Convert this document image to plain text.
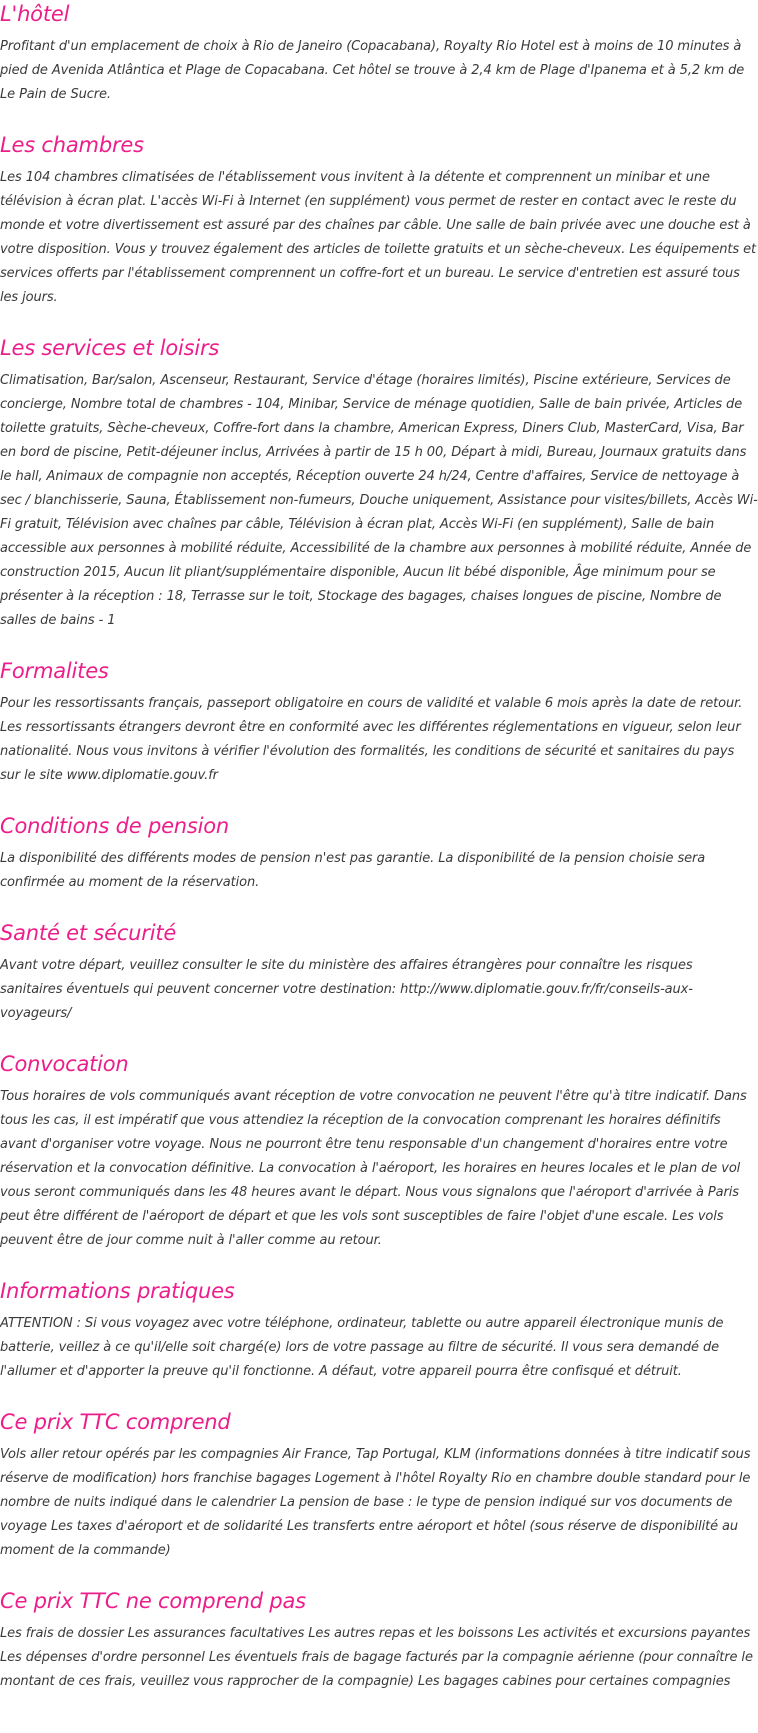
L'hôtel

Profitant d'un emplacement de choix à Rio de Janeiro (Copacabana), Royalty Rio Hotel est à moins de 10 minutes à pied de Avenida Atlântica et Plage de Copacabana. Cet hôtel se trouve à 2,4 km de Plage d'Ipanema et à 5,2 km de Le Pain de Sucre.

Les chambres

Les 104 chambres climatisées de l'établissement vous invitent à la détente et comprennent un minibar et une télévision à écran plat. L'accès Wi-Fi à Internet (en supplément) vous permet de rester en contact avec le reste du monde et votre divertissement est assuré par des chaînes par câble. Une salle de bain privée avec une douche est à votre disposition. Vous y trouvez également des articles de toilette gratuits et un sèche-cheveux. Les équipements et services offerts par l'établissement comprennent un coffre-fort et un bureau. Le service d'entretien est assuré tous les jours.

Les services et loisirs

Climatisation, Bar/salon, Ascenseur, Restaurant, Service d'étage (horaires limités), Piscine extérieure, Services de concierge, Nombre total de chambres - 104, Minibar, Service de ménage quotidien, Salle de bain privée, Articles de toilette gratuits, Sèche-cheveux, Coffre-fort dans la chambre, American Express, Diners Club, MasterCard, Visa, Bar en bord de piscine, Petit-déjeuner inclus, Arrivées à partir de 15 h 00, Départ à midi, Bureau, Journaux gratuits dans le hall, Animaux de compagnie non acceptés, Réception ouverte 24 h/24, Centre d'affaires, Service de nettoyage à sec / blanchisserie, Sauna, Établissement non-fumeurs, Douche uniquement, Assistance pour visites/billets, Accès Wi-Fi gratuit, Télévision avec chaînes par câble, Télévision à écran plat, Accès Wi-Fi (en supplément), Salle de bain accessible aux personnes à mobilité réduite, Accessibilité de la chambre aux personnes à mobilité réduite, Année de construction 2015, Aucun lit pliant/supplémentaire disponible, Aucun lit bébé disponible, Âge minimum pour se présenter à la réception : 18, Terrasse sur le toit, Stockage des bagages, chaises longues de piscine, Nombre de salles de bains - 1

Formalites

Pour les ressortissants français, passeport obligatoire en cours de validité et valable 6 mois après la date de retour. Les ressortissants étrangers devront être en conformité avec les différentes réglementations en vigueur, selon leur nationalité. Nous vous invitons à vérifier l'évolution des formalités, les conditions de sécurité et sanitaires du pays sur le site www.diplomatie.gouv.fr

Conditions de pension

La disponibilité des différents modes de pension n'est pas garantie. La disponibilité de la pension choisie sera confirmée au moment de la réservation.

Santé et sécurité

Avant votre départ, veuillez consulter le site du ministère des affaires étrangères pour connaître les risques sanitaires éventuels qui peuvent concerner votre destination: http://www.diplomatie.gouv.fr/fr/conseils-aux-voyageurs/

Convocation

Tous horaires de vols communiqués avant réception de votre convocation ne peuvent l'être qu'à titre indicatif. Dans tous les cas, il est impératif que vous attendiez la réception de la convocation comprenant les horaires définitifs avant d'organiser votre voyage. Nous ne pourront être tenu responsable d'un changement d'horaires entre votre réservation et la convocation définitive. La convocation à l'aéroport, les horaires en heures locales et le plan de vol vous seront communiqués dans les 48 heures avant le départ. Nous vous signalons que l'aéroport d'arrivée à Paris peut être différent de l'aéroport de départ et que les vols sont susceptibles de faire l'objet d'une escale. Les vols peuvent être de jour comme nuit à l'aller comme au retour.

Informations pratiques

ATTENTION : Si vous voyagez avec votre téléphone, ordinateur, tablette ou autre appareil électronique munis de batterie, veillez à ce qu'il/elle soit chargé(e) lors de votre passage au filtre de sécurité. Il vous sera demandé de l'allumer et d'apporter la preuve qu'il fonctionne. A défaut, votre appareil pourra être confisqué et détruit.

Ce prix TTC comprend

Vols aller retour opérés par les compagnies Air France, Tap Portugal, KLM (informations données à titre indicatif sous réserve de modification) hors franchise bagages Logement à l'hôtel Royalty Rio en chambre double standard pour le nombre de nuits indiqué dans le calendrier La pension de base : le type de pension indiqué sur vos documents de voyage Les taxes d'aéroport et de solidarité Les transferts entre aéroport et hôtel (sous réserve de disponibilité au moment de la commande)

Ce prix TTC ne comprend pas

Les frais de dossier Les assurances facultatives Les autres repas et les boissons Les activités et excursions payantes Les dépenses d'ordre personnel Les éventuels frais de bagage facturés par la compagnie aérienne (pour connaître le montant de ces frais, veuillez vous rapprocher de la compagnie) Les bagages cabines pour certaines compagnies
